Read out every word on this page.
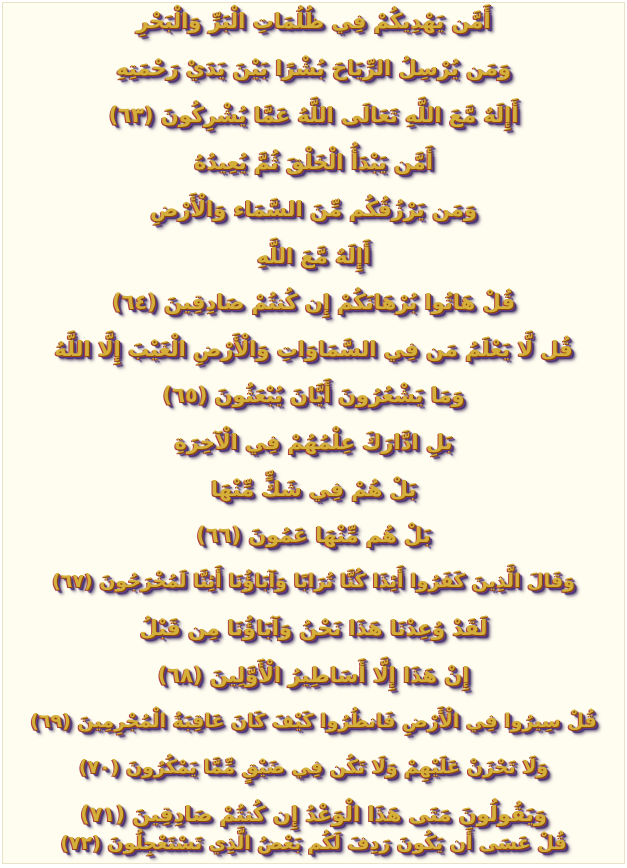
أَمَّن يَهْدِيكُمْ فِي ظُلُمَاتِ الْبَرِّ وَالْبَحْرِ
وَمَن يُرْسِلُ الرِّيَاحَ بُشْرًا بَيْنَ يَدَيْ رَحْمَتِهِ
أَإِلَهٌ مَّعَ اللَّهِ تَعَالَى اللَّهُ عَمَّا يُشْرِكُونَ (٦٣)
أَمَّن يَبْدَأُ الْخَلْقَ ثُمَّ يُعِيدُهُ
وَمَن يَرْزُقُكُم مِّنَ السَّمَاء وَالْأَرْضِ
أَإِلَهٌ مَّعَ اللَّهِ
قُلْ هَاتُوا بُرْهَانَكُمْ إِن كُنتُمْ صَادِقِينَ (٦٤)
قُل لَّا يَعْلَمُ مَن فِي السَّمَاوَاتِ وَالْأَرْضِ الْغَيْبَ إِلَّا اللَّهُ
وَمَا يَشْعُرُونَ أَيَّانَ يُبْعَثُونَ (٦٥)
بَلِ ادَّارَكَ عِلْمُهُمْ فِي الْآخِرَةِ
بَلْ هُمْ فِي شَكٍّ مِّنْهَا
بَلْ هُم مِّنْهَا عَمُونَ (٦٦)
وَقَالَ الَّذِينَ كَفَرُوا أَئِذَا كُنَّا تُرَابًا وَآبَاؤُنَا أَئِنَّا لَمُخْرَجُونَ (٦٧)
لَقَدْ وُعِدْنَا هَذَا نَحْنُ وَآبَاؤُنَا مِن قَبْلُ
إِنْ هَذَا إِلَّا أَسَاطِيرُ الْأَوَّلِينَ (٦٨)
قُلْ سِيرُوا فِي الْأَرْضِ فَانظُرُوا كَيْفَ كَانَ عَاقِبَةُ الْمُجْرِمِينَ (٦٩)
وَلَا تَحْزَنْ عَلَيْهِمْ وَلَا تَكُن فِي ضَيْقٍ مِّمَّا يَمْكُرُونَ (٧٠)
وَيَقُولُونَ مَتَى هَذَا الْوَعْدُ إِن كُنتُمْ صَادِقِينَ (٧١)
قُلْ عَسَى أَن يَكُونَ رَدِفَ لَكُم بَعْضُ الَّذِي تَسْتَعْجِلُونَ (٧٢)
